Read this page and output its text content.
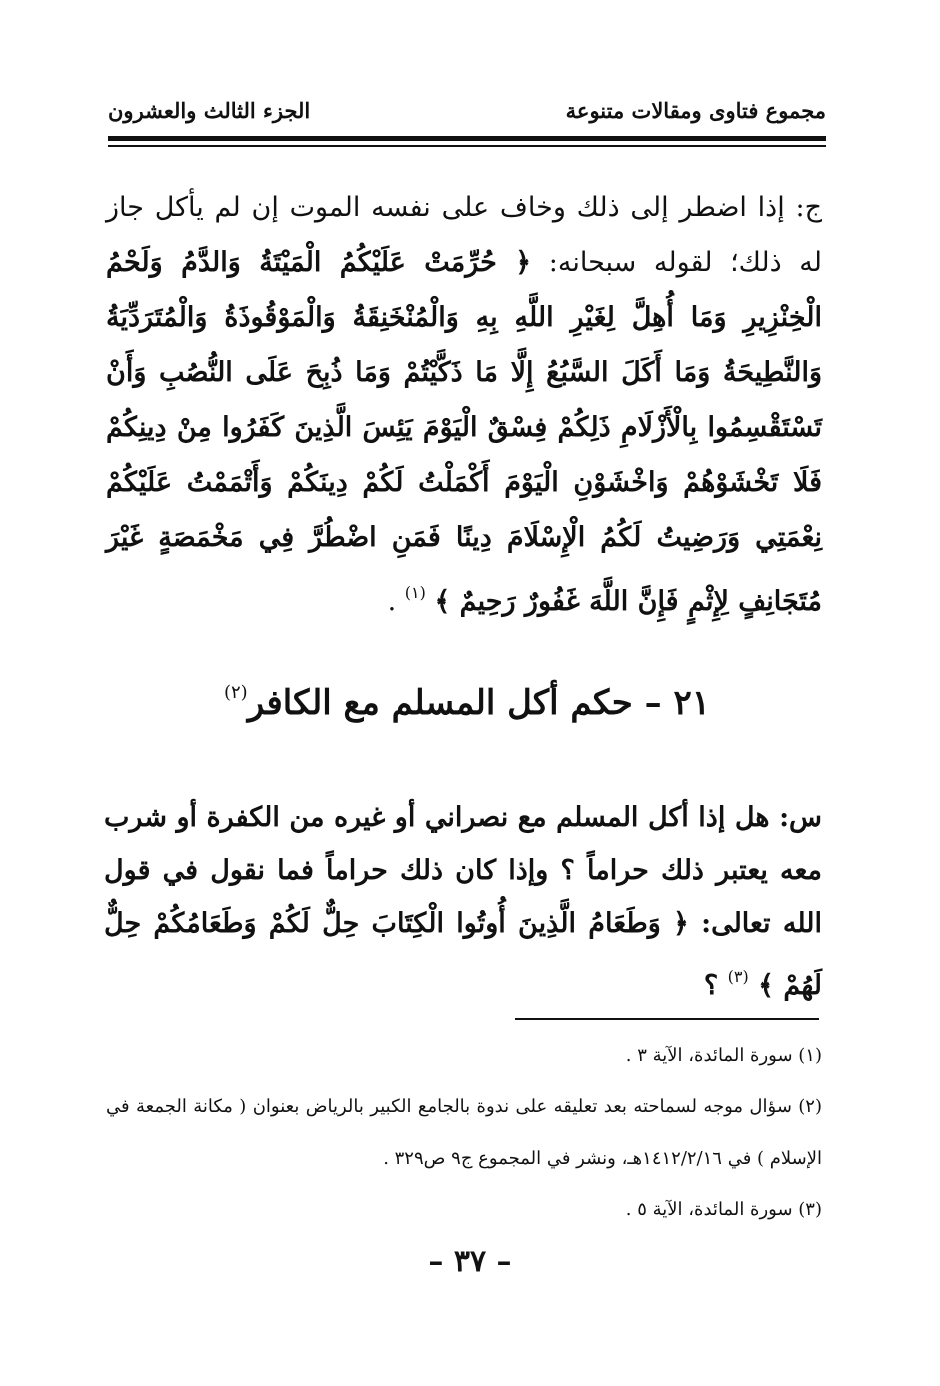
مجموع فتاوى ومقالات متنوعة
الجزء الثالث والعشرون
ج: إذا اضطر إلى ذلك وخاف على نفسه الموت إن لم يأكل جاز له ذلك؛ لقوله سبحانه: ﴿ حُرِّمَتْ عَلَيْكُمُ الْمَيْتَةُ وَالدَّمُ وَلَحْمُ الْخِنْزِيرِ وَمَا أُهِلَّ لِغَيْرِ اللَّهِ بِهِ وَالْمُنْخَنِقَةُ وَالْمَوْقُوذَةُ وَالْمُتَرَدِّيَةُ وَالنَّطِيحَةُ وَمَا أَكَلَ السَّبُعُ إِلَّا مَا ذَكَّيْتُمْ وَمَا ذُبِحَ عَلَى النُّصُبِ وَأَنْ تَسْتَقْسِمُوا بِالْأَزْلَامِ ذَلِكُمْ فِسْقٌ الْيَوْمَ يَئِسَ الَّذِينَ كَفَرُوا مِنْ دِينِكُمْ فَلَا تَخْشَوْهُمْ وَاخْشَوْنِ الْيَوْمَ أَكْمَلْتُ لَكُمْ دِينَكُمْ وَأَتْمَمْتُ عَلَيْكُمْ نِعْمَتِي وَرَضِيتُ لَكُمُ الْإِسْلَامَ دِينًا فَمَنِ اضْطُرَّ فِي مَخْمَصَةٍ غَيْرَ مُتَجَانِفٍ لِإِثْمٍ فَإِنَّ اللَّهَ غَفُورٌ رَحِيمٌ ﴾ $^{(١)}$ .
٢١ – حكم أكل المسلم مع الكافر$^{(٢)}$
س: هل إذا أكل المسلم مع نصراني أو غيره من الكفرة أو شرب معه يعتبر ذلك حراماً ؟ وإذا كان ذلك حراماً فما نقول في قول الله تعالى: ﴿ وَطَعَامُ الَّذِينَ أُوتُوا الْكِتَابَ حِلٌّ لَكُمْ وَطَعَامُكُمْ حِلٌّ لَهُمْ ﴾ $^{(٣)}$ ؟
(١) سورة المائدة، الآية ٣ .
(٢) سؤال موجه لسماحته بعد تعليقه على ندوة بالجامع الكبير بالرياض بعنوان ( مكانة الجمعة في الإسلام ) في ١٤١٢/٢/١٦هـ، ونشر في المجموع ج٩ ص٣٢٩ .
(٣) سورة المائدة، الآية ٥ .
– ٣٧ –
